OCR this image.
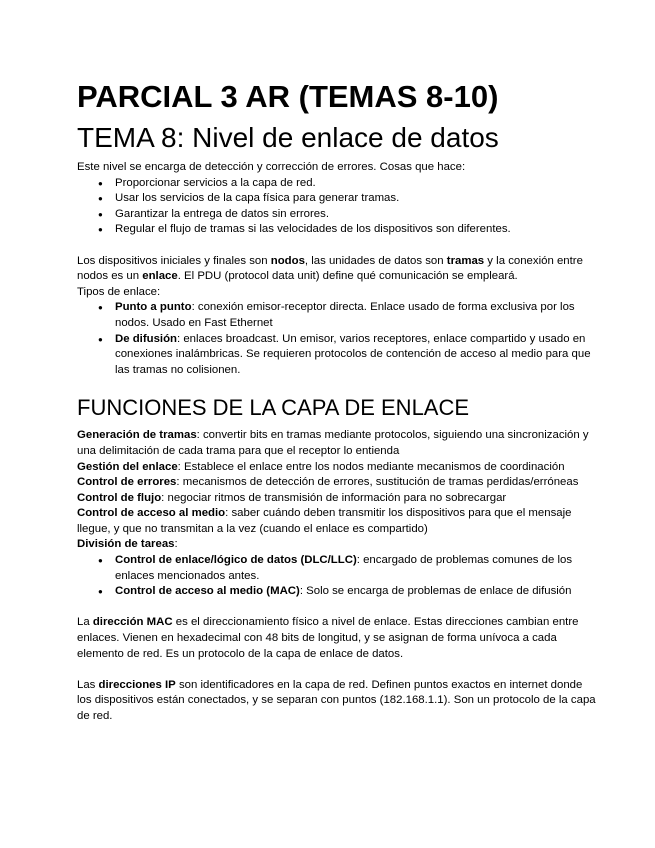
PARCIAL 3 AR (TEMAS 8-10)
TEMA 8: Nivel de enlace de datos

Este nivel se encarga de detección y corrección de errores. Cosas que hace:

● Proporcionar servicios a la capa de red.
● Usar los servicios de la capa física para generar tramas.
● Garantizar la entrega de datos sin errores.
● Regular el flujo de tramas si las velocidades de los dispositivos son diferentes.

Los dispositivos iniciales y finales son nodos, las unidades de datos son tramas y la conexión entre nodos es un enlace. El PDU (protocol data unit) define qué comunicación se empleará.

Tipos de enlace:

● Punto a punto: conexión emisor-receptor directa. Enlace usado de forma exclusiva por los nodos. Usado en Fast Ethernet
● De difusión: enlaces broadcast. Un emisor, varios receptores, enlace compartido y usado en conexiones inalámbricas. Se requieren protocolos de contención de acceso al medio para que las tramas no colisionen.
FUNCIONES DE LA CAPA DE ENLACE

Generación de tramas: convertir bits en tramas mediante protocolos, siguiendo una sincronización y una delimitación de cada trama para que el receptor lo entienda

Gestión del enlace: Establece el enlace entre los nodos mediante mecanismos de coordinación

Control de errores: mecanismos de detección de errores, sustitución de tramas perdidas/erróneas

Control de flujo: negociar ritmos de transmisión de información para no sobrecargar

Control de acceso al medio: saber cuándo deben transmitir los dispositivos para que el mensaje llegue, y que no transmitan a la vez (cuando el enlace es compartido)

División de tareas:

● Control de enlace/lógico de datos (DLC/LLC): encargado de problemas comunes de los enlaces mencionados antes.
● Control de acceso al medio (MAC): Solo se encarga de problemas de enlace de difusión

La dirección MAC es el direccionamiento físico a nivel de enlace. Estas direcciones cambian entre enlaces. Vienen en hexadecimal con 48 bits de longitud, y se asignan de forma unívoca a cada elemento de red. Es un protocolo de la capa de enlace de datos.

Las direcciones IP son identificadores en la capa de red. Definen puntos exactos en internet donde los dispositivos están conectados, y se separan con puntos (182.168.1.1). Son un protocolo de la capa de red.
